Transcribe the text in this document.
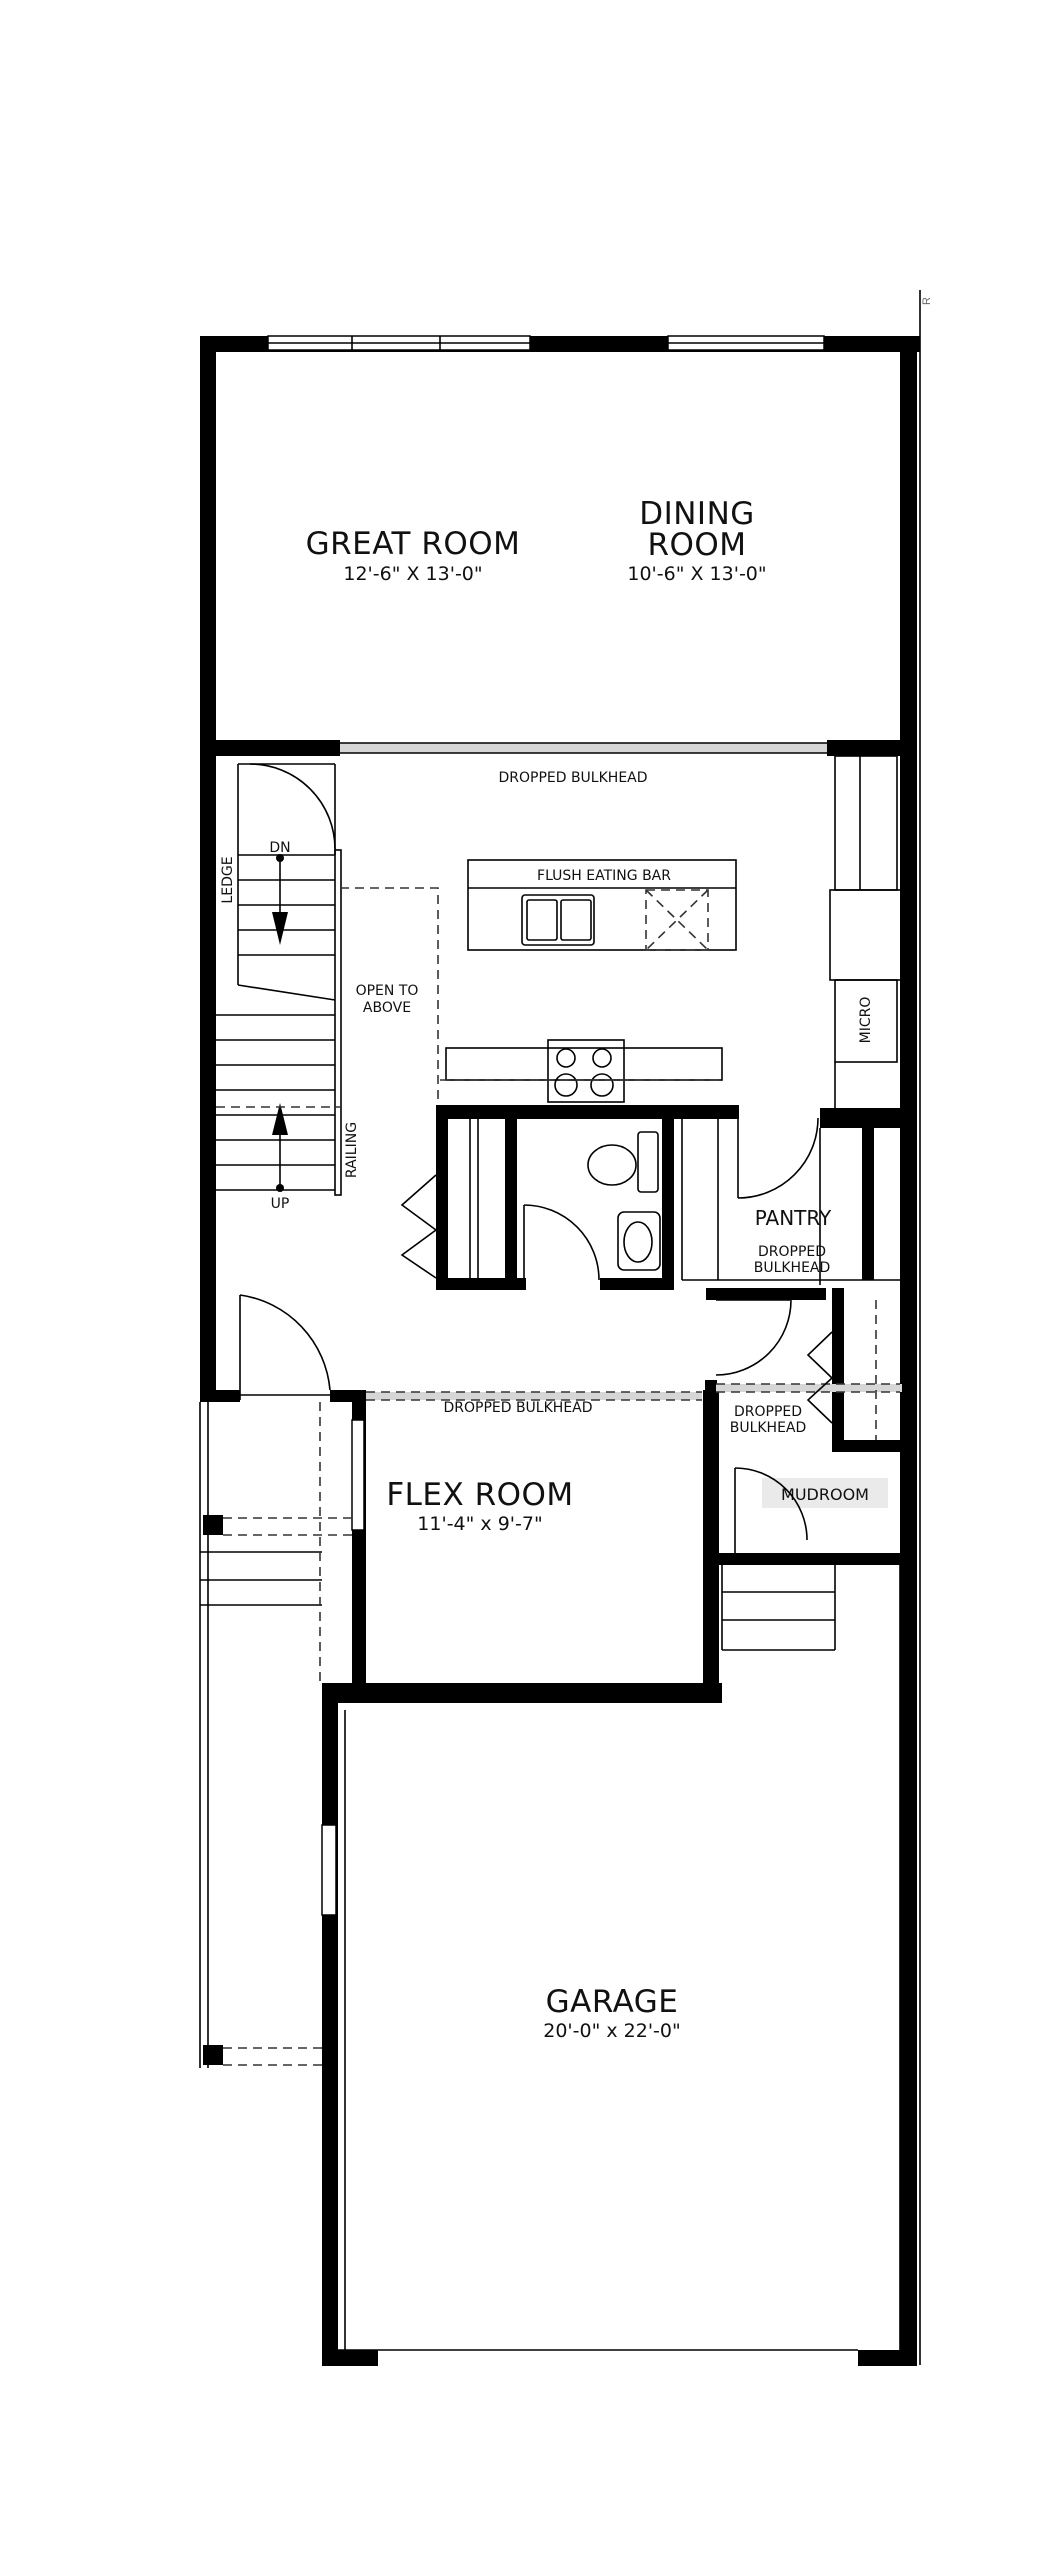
R
GREAT ROOM
12'-6" X 13'-0"
DINING
ROOM
10'-6" X 13'-0"
DROPPED BULKHEAD
MICRO
FLUSH EATING BAR
DN
UP
LEDGE
RAILING
OPEN TO
ABOVE
PANTRY
DROPPED
BULKHEAD
DROPPED BULKHEAD
FLEX ROOM
11'-4" x 9'-7"
DROPPED
BULKHEAD
MUDROOM
GARAGE
20'-0" x 22'-0"
